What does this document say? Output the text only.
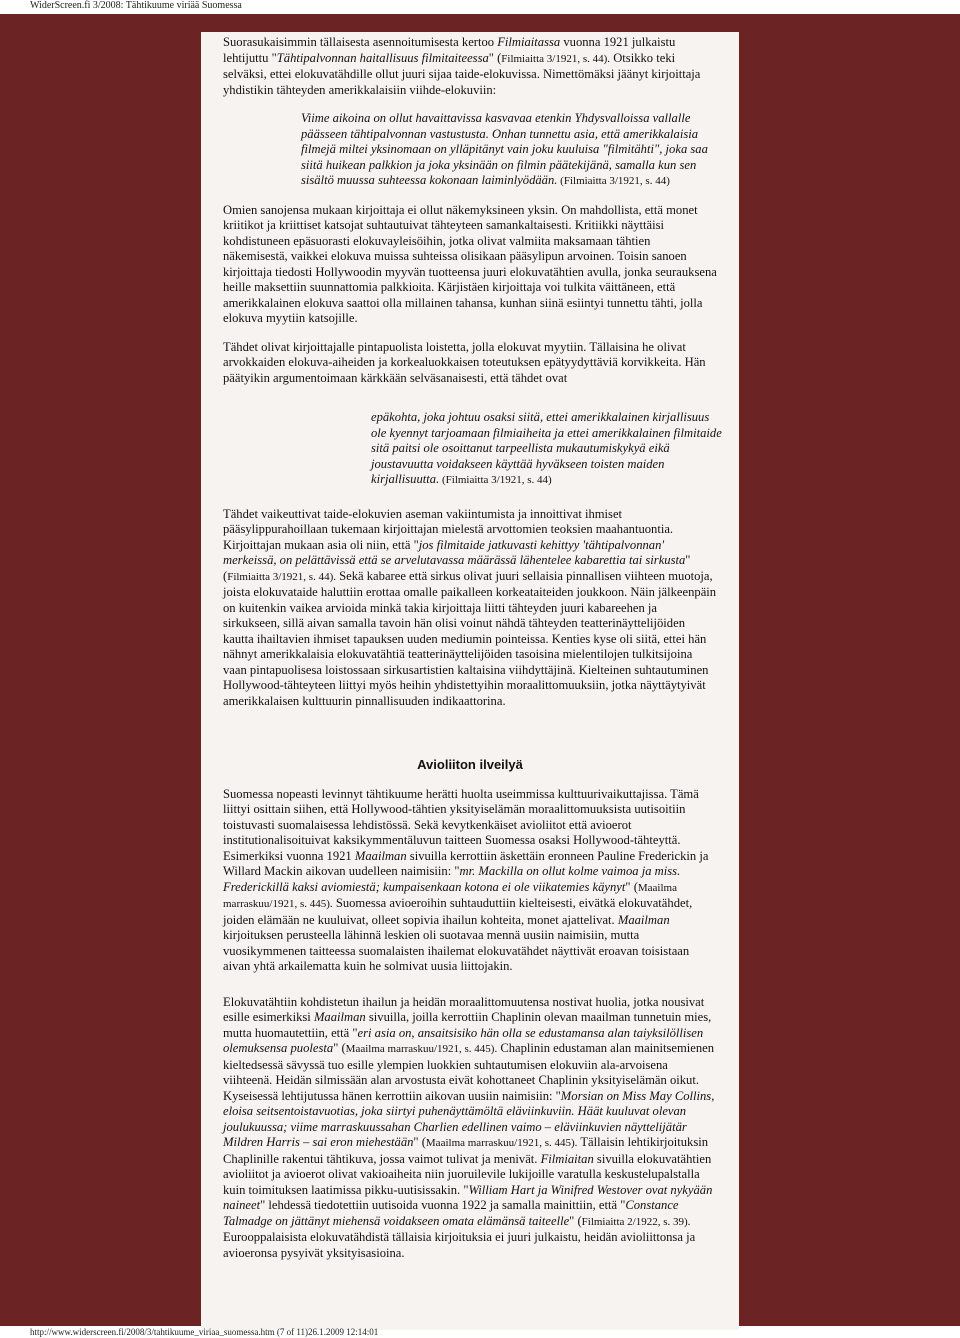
WiderScreen.fi 3/2008: Tähtikuume viriää Suomessa

Suorasukaisimmin tällaisesta asennoitumisesta kertoo Filmiaitassa vuonna 1921 julkaistu lehtijuttu "Tähtipalvonnan haitallisuus filmitaiteessa" (Filmiaitta 3/1921, s. 44). Otsikko teki selväksi, ettei elokuvatähdille ollut juuri sijaa taide-elokuvissa. Nimettömäksi jäänyt kirjoittaja yhdistikin tähteyden amerikkalaisiin viihde-elokuviin:

Viime aikoina on ollut havaittavissa kasvavaa etenkin Yhdysvalloissa vallalle päässeen tähtipalvonnan vastustusta. Onhan tunnettu asia, että amerikkalaisia filmejä miltei yksinomaan on ylläpitänyt vain joku kuuluisa "filmitähti", joka saa siitä huikean palkkion ja joka yksinään on filmin päätekijänä, samalla kun sen sisältö muussa suhteessa kokonaan laiminlyödään. (Filmiaitta 3/1921, s. 44)

Omien sanojensa mukaan kirjoittaja ei ollut näkemyksineen yksin. On mahdollista, että monet kriitikot ja kriittiset katsojat suhtautuivat tähteyteen samankaltaisesti. Kritiikki näyttäisi kohdistuneen epäsuorasti elokuvayleisöihin, jotka olivat valmiita maksamaan tähtien näkemisestä, vaikkei elokuva muissa suhteissa olisikaan pääsylipun arvoinen. Toisin sanoen kirjoittaja tiedosti Hollywoodin myyvän tuotteensa juuri elokuvatähtien avulla, jonka seurauksena heille maksettiin suunnattomia palkkioita. Kärjistäen kirjoittaja voi tulkita väittäneen, että amerikkalainen elokuva saattoi olla millainen tahansa, kunhan siinä esiintyi tunnettu tähti, jolla elokuva myytiin katsojille.

Tähdet olivat kirjoittajalle pintapuolista loistetta, jolla elokuvat myytiin. Tällaisina he olivat arvokkaiden elokuva-aiheiden ja korkealuokkaisen toteutuksen epätyydyttäviä korvikkeita. Hän päätyikin argumentoimaan kärkkään selväsanaisesti, että tähdet ovat

epäkohta, joka johtuu osaksi siitä, ettei amerikkalainen kirjallisuus ole kyennyt tarjoamaan filmiaiheita ja ettei amerikkalainen filmitaide sitä paitsi ole osoittanut tarpeellista mukautumiskykyä eikä joustavuutta voidakseen käyttää hyväkseen toisten maiden kirjallisuutta. (Filmiaitta 3/1921, s. 44)

Tähdet vaikeuttivat taide-elokuvien aseman vakiintumista ja innoittivat ihmiset pääsylippurahoillaan tukemaan kirjoittajan mielestä arvottomien teoksien maahantuontia. Kirjoittajan mukaan asia oli niin, että "jos filmitaide jatkuvasti kehittyy 'tähtipalvonnan' merkeissä, on pelättävissä että se arvelutavassa määrässä lähentelee kabarettia tai sirkusta" (Filmiaitta 3/1921, s. 44). Sekä kabaree että sirkus olivat juuri sellaisia pinnallisen viihteen muotoja, joista elokuvataide haluttiin erottaa omalle paikalleen korkeataiteiden joukkoon. Näin jälkeenpäin on kuitenkin vaikea arvioida minkä takia kirjoittaja liitti tähteyden juuri kabareehen ja sirkukseen, sillä aivan samalla tavoin hän olisi voinut nähdä tähteyden teatterinäyttelijöiden kautta ihailtavien ihmiset tapauksen uuden mediumin pointeissa. Kenties kyse oli siitä, ettei hän nähnyt amerikkalaisia elokuvatähtiä teatterinäyttelijöiden tasoisina mielentilojen tulkitsijoina vaan pintapuolisesa loistossaan sirkusartistien kaltaisina viihdyttäjinä. Kielteinen suhtautuminen Hollywood-tähteyteen liittyi myös heihin yhdistettyihin moraalittomuuksiin, jotka näyttäytyivät amerikkalaisen kulttuurin pinnallisuuden indikaattorina.

Avioliiton ilveilyä

Suomessa nopeasti levinnyt tähtikuume herätti huolta useimmissa kulttuurivaikuttajissa. Tämä liittyi osittain siihen, että Hollywood-tähtien yksityiselämän moraalittomuuksista uutisoitiin toistuvasti suomalaisessa lehdistössä. Sekä kevytkenkäiset avioliitot että avioerot institutionalisoituivat kaksikymmentäluvun taitteen Suomessa osaksi Hollywood-tähteyttä. Esimerkiksi vuonna 1921 Maailman sivuilla kerrottiin äskettäin eronneen Pauline Frederickin ja Willard Mackin aikovan uudelleen naimisiin: "mr. Mackilla on ollut kolme vaimoa ja miss. Frederickillä kaksi aviomiestä; kumpaisenkaan kotona ei ole viikatemies käynyt" (Maailma marraskuu/1921, s. 445). Suomessa avioeroihin suhtauduttiin kielteisesti, eivätkä elokuvatähdet, joiden elämään ne kuuluivat, olleet sopivia ihailun kohteita, monet ajattelivat. Maailman kirjoituksen perusteella lähinnä leskien oli suotavaa mennä uusiin naimisiin, mutta vuosikymmenen taitteessa suomalaisten ihailemat elokuvatähdet näyttivät eroavan toisistaan aivan yhtä arkailematta kuin he solmivat uusia liittojakin.

Elokuvatähtiin kohdistetun ihailun ja heidän moraalittomuutensa nostivat huolia, jotka nousivat esille esimerkiksi Maailman sivuilla, joilla kerrottiin Chaplinin olevan maailman tunnetuin mies, mutta huomautettiin, että "eri asia on, ansaitsisiko hän olla se edustamansa alan taiyksilöllisen olemuksensa puolesta" (Maailma marraskuu/1921, s. 445). Chaplinin edustaman alan mainitsemienen kieltedsessä sävyssä tuo esille ylempien luokkien suhtautumisen elokuviin ala-arvoisena viihteenä. Heidän silmissään alan arvostusta eivät kohottaneet Chaplinin yksityiselämän oikut. Kyseisessä lehtijutussa hänen kerrottiin aikovan uusiin naimisiin: "Morsian on Miss May Collins, eloisa seitsentoistavuotias, joka siirtyi puhenäyttämöltä eläviinkuviin. Häät kuuluvat olevan joulukuussa; viime marraskuussahan Charlien edellinen vaimo – eläviinkuvien näyttelijätär Mildren Harris – sai eron miehestään" (Maailma marraskuu/1921, s. 445). Tällaisin lehtikirjoituksin Chaplinille rakentui tähtikuva, jossa vaimot tulivat ja menivät. Filmiaitan sivuilla elokuvatähtien avioliitot ja avioerot olivat vakioaiheita niin juoruilevile lukijoille varatulla keskustelupalstalla kuin toimituksen laatimissa pikku-uutisissakin. "William Hart ja Winifred Westover ovat nykyään naineet" lehdessä tiedotettiin uutisoida vuonna 1922 ja samalla mainittiin, että "Constance Talmadge on jättänyt miehensä voidakseen omata elämänsä taiteelle" (Filmiaitta 2/1922, s. 39). Eurooppalaisista elokuvatähdistä tällaisia kirjoituksia ei juuri julkaistu, heidän avioliittonsa ja avioeronsa pysyivät yksityisasioina.

http://www.widerscreen.fi/2008/3/tahtikuume_viriaa_suomessa.htm (7 of 11)26.1.2009 12:14:01
